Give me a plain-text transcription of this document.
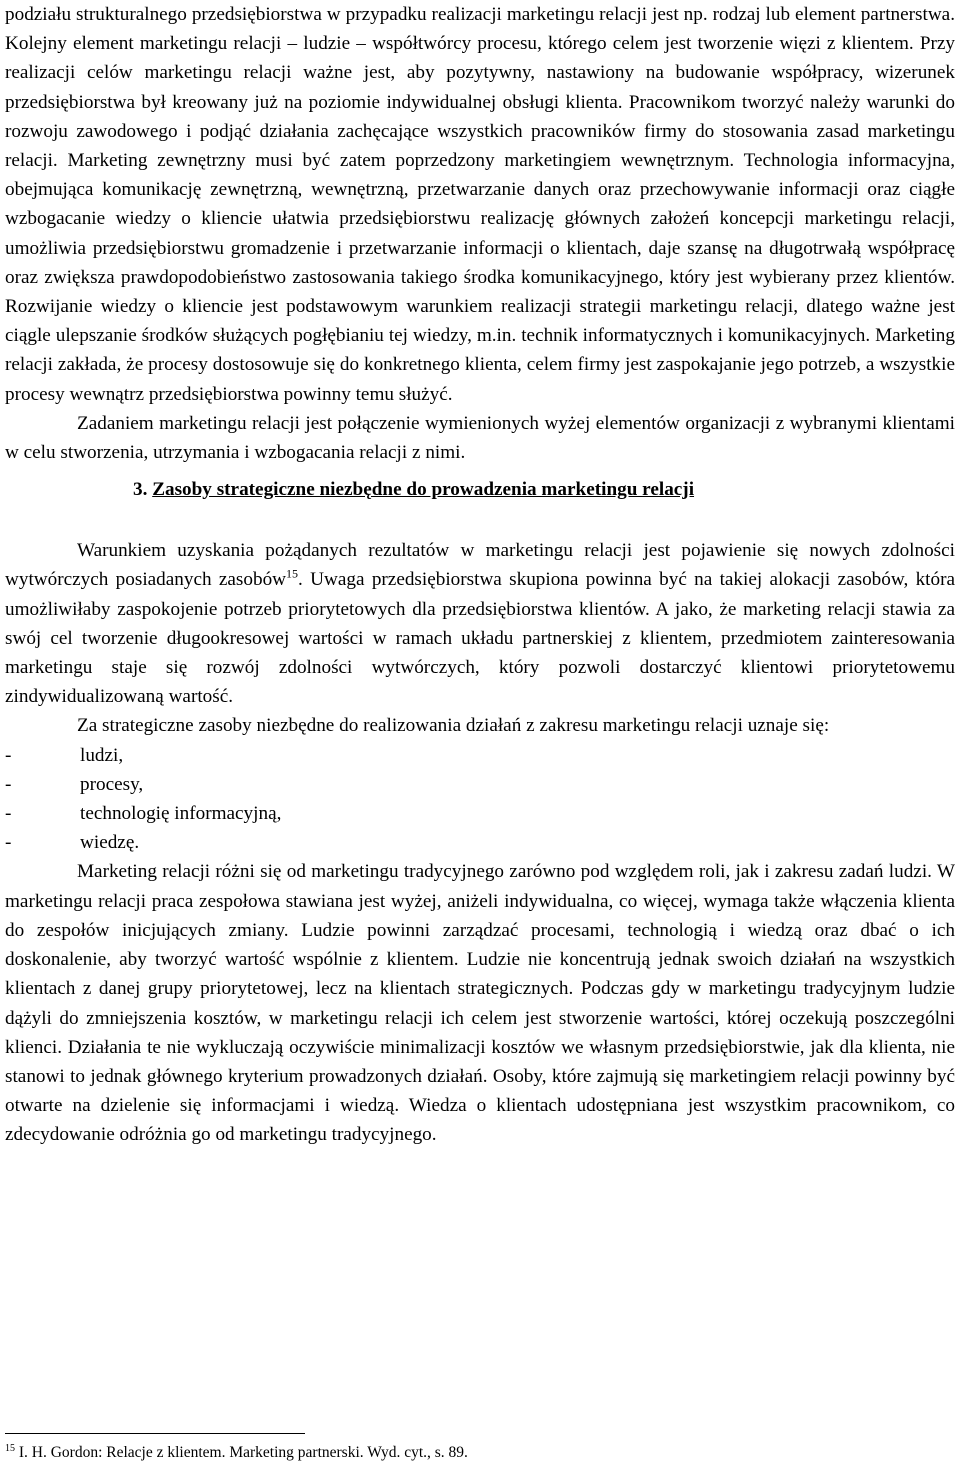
podziału strukturalnego przedsiębiorstwa w przypadku realizacji marketingu relacji jest np. rodzaj lub element partnerstwa. Kolejny element marketingu relacji – ludzie – współtwórcy procesu, którego celem jest tworzenie więzi z klientem. Przy realizacji celów marketingu relacji ważne jest, aby pozytywny, nastawiony na budowanie współpracy, wizerunek przedsiębiorstwa był kreowany już na poziomie indywidualnej obsługi klienta. Pracownikom tworzyć należy warunki do rozwoju zawodowego i podjąć działania zachęcające wszystkich pracowników firmy do stosowania zasad marketingu relacji. Marketing zewnętrzny musi być zatem poprzedzony marketingiem wewnętrznym. Technologia informacyjna, obejmująca komunikację zewnętrzną, wewnętrzną, przetwarzanie danych oraz przechowywanie informacji oraz ciągłe wzbogacanie wiedzy o kliencie ułatwia przedsiębiorstwu realizację głównych założeń koncepcji marketingu relacji, umożliwia przedsiębiorstwu gromadzenie i przetwarzanie informacji o klientach, daje szansę na długotrwałą współpracę oraz zwiększa prawdopodobieństwo zastosowania takiego środka komunikacyjnego, który jest wybierany przez klientów. Rozwijanie wiedzy o kliencie jest podstawowym warunkiem realizacji strategii marketingu relacji, dlatego ważne jest ciągle ulepszanie środków służących pogłębianiu tej wiedzy, m.in. technik informatycznych i komunikacyjnych. Marketing relacji zakłada, że procesy dostosowuje się do konkretnego klienta, celem firmy jest zaspokajanie jego potrzeb, a wszystkie procesy wewnątrz przedsiębiorstwa powinny temu służyć.

Zadaniem marketingu relacji jest połączenie wymienionych wyżej elementów organizacji z wybranymi klientami w celu stworzenia, utrzymania i wzbogacania relacji z nimi.

3. Zasoby strategiczne niezbędne do prowadzenia marketingu relacji

Warunkiem uzyskania pożądanych rezultatów w marketingu relacji jest pojawienie się nowych zdolności wytwórczych posiadanych zasobów$^{15}$. Uwaga przedsiębiorstwa skupiona powinna być na takiej alokacji zasobów, która umożliwiłaby zaspokojenie potrzeb priorytetowych dla przedsiębiorstwa klientów. A jako, że marketing relacji stawia za swój cel tworzenie długookresowej wartości w ramach układu partnerskiej z klientem, przedmiotem zainteresowania marketingu staje się rozwój zdolności wytwórczych, który pozwoli dostarczyć klientowi priorytetowemu zindywidualizowaną wartość.

Za strategiczne zasoby niezbędne do realizowania działań z zakresu marketingu relacji uznaje się:

-	ludzi,
-	procesy,
-	technologię informacyjną,
-	wiedzę.

Marketing relacji różni się od marketingu tradycyjnego zarówno pod względem roli, jak i zakresu zadań ludzi. W marketingu relacji praca zespołowa stawiana jest wyżej, aniżeli indywidualna, co więcej, wymaga także włączenia klienta do zespołów inicjujących zmiany. Ludzie powinni zarządzać procesami, technologią i wiedzą oraz dbać o ich doskonalenie, aby tworzyć wartość wspólnie z klientem. Ludzie nie koncentrują jednak swoich działań na wszystkich klientach z danej grupy priorytetowej, lecz na klientach strategicznych. Podczas gdy w marketingu tradycyjnym ludzie dążyli do zmniejszenia kosztów, w marketingu relacji ich celem jest stworzenie wartości, której oczekują poszczególni klienci. Działania te nie wykluczają oczywiście minimalizacji kosztów we własnym przedsiębiorstwie, jak dla klienta, nie stanowi to jednak głównego kryterium prowadzonych działań. Osoby, które zajmują się marketingiem relacji powinny być otwarte na dzielenie się informacjami i wiedzą. Wiedza o klientach udostępniana jest wszystkim pracownikom, co zdecydowanie odróżnia go od marketingu tradycyjnego.

$^{15}$ I. H. Gordon: Relacje z klientem. Marketing partnerski. Wyd. cyt., s. 89.
